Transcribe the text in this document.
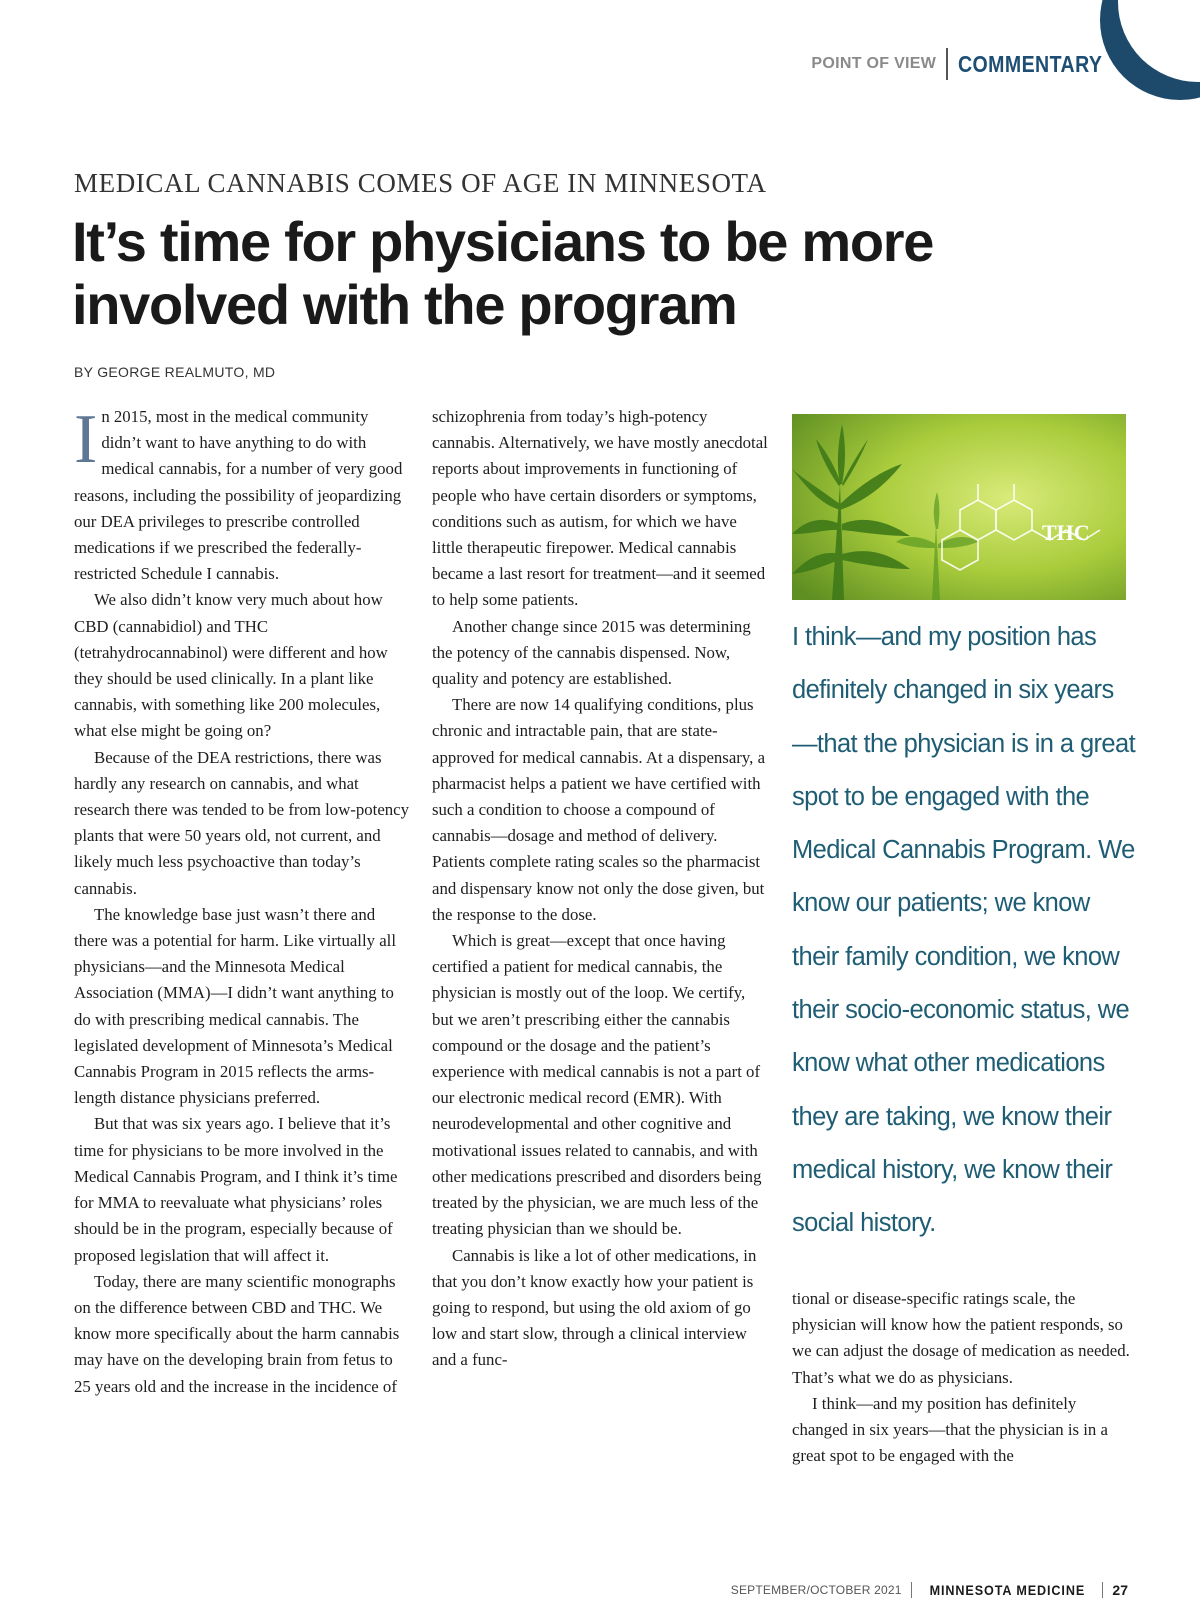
POINT OF VIEW COMMENTARY
MEDICAL CANNABIS COMES OF AGE IN MINNESOTA
It’s time for physicians to be more involved with the program
BY GEORGE REALMUTO, MD

In 2015, most in the medical community didn’t want to have anything to do with medical cannabis, for a number of very good reasons, including the possibility of jeopardizing our DEA privileges to prescribe controlled medications if we prescribed the federally-restricted Schedule I cannabis.

We also didn’t know very much about how CBD (cannabidiol) and THC (tetrahydrocannabinol) were different and how they should be used clinically. In a plant like cannabis, with something like 200 molecules, what else might be going on?

Because of the DEA restrictions, there was hardly any research on cannabis, and what research there was tended to be from low-potency plants that were 50 years old, not current, and likely much less psychoactive than today’s cannabis.

The knowledge base just wasn’t there and there was a potential for harm. Like virtually all physicians—and the Minnesota Medical Association (MMA)—I didn’t want anything to do with prescribing medical cannabis. The legislated development of Minnesota’s Medical Cannabis Program in 2015 reflects the arms-length distance physicians preferred.

But that was six years ago. I believe that it’s time for physicians to be more involved in the Medical Cannabis Program, and I think it’s time for MMA to reevaluate what physicians’ roles should be in the program, especially because of proposed legislation that will affect it.

Today, there are many scientific monographs on the difference between CBD and THC. We know more specifically about the harm cannabis may have on the developing brain from fetus to 25 years old and the increase in the incidence of

schizophrenia from today’s high-potency cannabis. Alternatively, we have mostly anecdotal reports about improvements in functioning of people who have certain disorders or symptoms, conditions such as autism, for which we have little therapeutic firepower. Medical cannabis became a last resort for treatment—and it seemed to help some patients.

Another change since 2015 was determining the potency of the cannabis dispensed. Now, quality and potency are established.

There are now 14 qualifying conditions, plus chronic and intractable pain, that are state-approved for medical cannabis. At a dispensary, a pharmacist helps a patient we have certified with such a condition to choose a compound of cannabis—dosage and method of delivery. Patients complete rating scales so the pharmacist and dispensary know not only the dose given, but the response to the dose.

Which is great—except that once having certified a patient for medical cannabis, the physician is mostly out of the loop. We certify, but we aren’t prescribing either the cannabis compound or the dosage and the patient’s experience with medical cannabis is not a part of our electronic medical record (EMR). With neurodevelopmental and other cognitive and motivational issues related to cannabis, and with other medications prescribed and disorders being treated by the physician, we are much less of the treating physician than we should be.

Cannabis is like a lot of other medications, in that you don’t know exactly how your patient is going to respond, but using the old axiom of go low and start slow, through a clinical interview and a func-

THC
I think—and my position has definitely changed in six years—that the physician is in a great spot to be engaged with the Medical Cannabis Program. We know our patients; we know their family condition, we know their socio-economic status, we know what other medications they are taking, we know their medical history, we know their social history.

tional or disease-specific ratings scale, the physician will know how the patient responds, so we can adjust the dosage of medication as needed. That’s what we do as physicians.

I think—and my position has definitely changed in six years—that the physician is in a great spot to be engaged with the

SEPTEMBER/OCTOBER 2021 MINNESOTA MEDICINE 27
